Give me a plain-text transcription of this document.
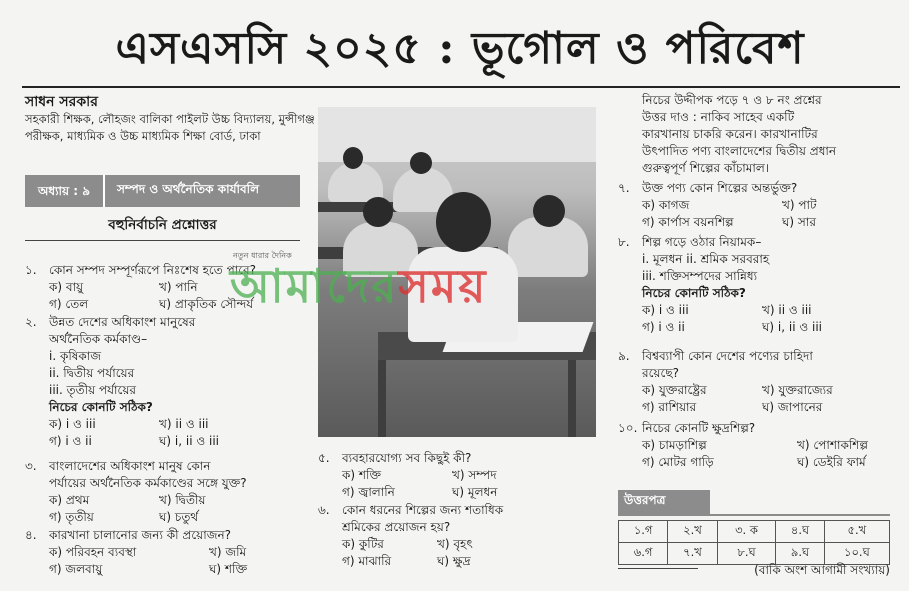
এসএসসি ২০২৫ : ভূগোল ও পরিবেশ
সাধন সরকার
সহকারী শিক্ষক, লৌহজং বালিকা পাইলট উচ্চ বিদ্যালয়, মুন্সীগঞ্জ পরীক্ষক, মাধ্যমিক ও উচ্চ মাধ্যমিক শিক্ষা বোর্ড, ঢাকা
অধ্যায় : ৯	সম্পদ ও অর্থনৈতিক কার্যাবলি
বহুনির্বাচনি প্রশ্নোত্তর
১. কোন সম্পদ সম্পূর্ণরূপে নিঃশেষ হতে পারে?
ক) বায়ু	খ) পানি
গ) তেল	ঘ) প্রাকৃতিক সৌন্দর্য
২. উন্নত দেশের অধিকাংশ মানুষের
অর্থনৈতিক কর্মকাণ্ড–
i. কৃষিকাজ
ii. দ্বিতীয় পর্যায়ের
iii. তৃতীয় পর্যায়ের
নিচের কোনটি সঠিক?
ক) i ও iii	খ) ii ও iii
গ) i ও ii	ঘ) i, ii ও iii
৩. বাংলাদেশের অধিকাংশ মানুষ কোন
পর্যায়ের অর্থনৈতিক কর্মকাণ্ডের সঙ্গে যুক্ত?
ক) প্রথম	খ) দ্বিতীয়
গ) তৃতীয়	ঘ) চতুর্থ
৪. কারখানা চালানোর জন্য কী প্রয়োজন?
ক) পরিবহন ব্যবস্থা	খ) জমি
গ) জলবায়ু	ঘ) শক্তি
৫. ব্যবহারযোগ্য সব কিছুই কী?
ক) শক্তি	খ) সম্পদ
গ) জ্বালানি	ঘ) মূলধন
৬. কোন ধরনের শিল্পের জন্য শতাধিক
শ্রমিকের প্রয়োজন হয়?
ক) কুটির	খ) বৃহৎ
গ) মাঝারি	ঘ) ক্ষুদ্র
নিচের উদ্দীপক পড়ে ৭ ও ৮ নং প্রশ্নের
উত্তর দাও : নাকিব সাহেব একটি
কারখানায় চাকরি করেন। কারখানাটির
উৎপাদিত পণ্য বাংলাদেশের দ্বিতীয় প্রধান
গুরুত্বপূর্ণ শিল্পের কাঁচামাল।
৭. উক্ত পণ্য কোন শিল্পের অন্তর্ভুক্ত?
ক) কাগজ	খ) পাট
গ) কার্পাস বয়নশিল্প	ঘ) সার
৮. শিল্প গড়ে ওঠার নিয়ামক–
i. মূলধন ii. শ্রমিক সরবরাহ
iii. শক্তিসম্পদের সান্নিধ্য
নিচের কোনটি সঠিক?
ক) i ও iii	খ) ii ও iii
গ) i ও ii	ঘ) i, ii ও iii
৯. বিশ্বব্যাপী কোন দেশের পণ্যের চাহিদা
রয়েছে?
ক) যুক্তরাষ্ট্রের	খ) যুক্তরাজ্যের
গ) রাশিয়ার	ঘ) জাপানের
১০. নিচের কোনটি ক্ষুদ্রশিল্প?
ক) চামড়াশিল্প	খ) পোশাকশিল্প
গ) মোটর গাড়ি	ঘ) ডেইরি ফার্ম
নতুন ধারার দৈনিক
আমাদেরসময়
উত্তরপত্র
১.গ	২.খ	৩. ক	৪.ঘ	৫.খ
৬.গ	৭.খ	৮.ঘ	৯.ঘ	১০.ঘ
(বাকি অংশ আগামী সংখ্যায়)
